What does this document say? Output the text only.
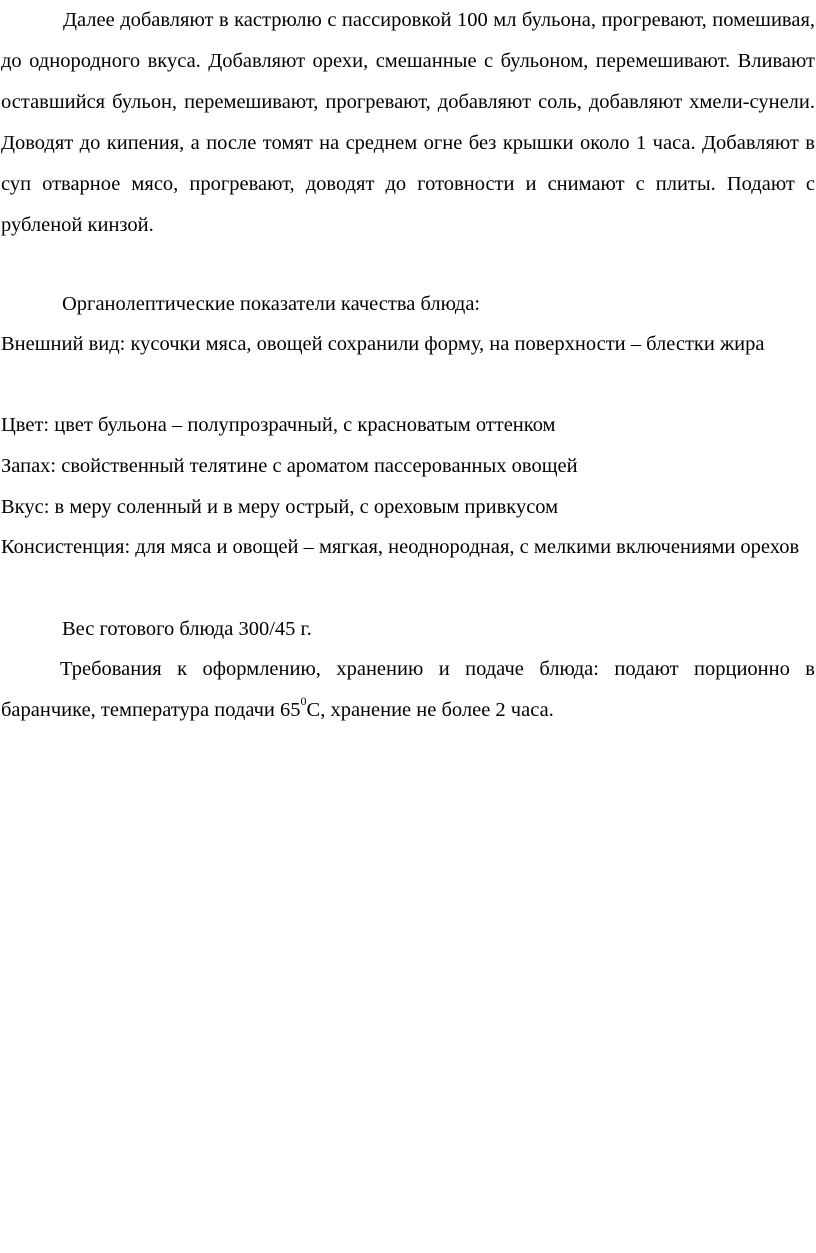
Далее добавляют в кастрюлю с пассировкой 100 мл бульона, прогревают, помешивая, до однородного вкуса. Добавляют орехи, смешанные с бульоном, перемешивают. Вливают оставшийся бульон, перемешивают, прогревают, добавляют соль, добавляют хмели-сунели. Доводят до кипения, а после томят на среднем огне без крышки около 1 часа. Добавляют в суп отварное мясо, прогревают, доводят до готовности и снимают с плиты. Подают с рубленой кинзой.

Органолептические показатели качества блюда:

Внешний вид: кусочки мяса, овощей сохранили форму, на поверхности – блестки жира

Цвет: цвет бульона – полупрозрачный, с красноватым оттенком

Запах: свойственный телятине с ароматом пассерованных овощей

Вкус: в меру соленный и в меру острый, с ореховым привкусом

Консистенция: для мяса и овощей – мягкая, неоднородная, с мелкими включениями орехов

Вес готового блюда 300/45 г.

Требования к оформлению, хранению и подаче блюда: подают порционно в баранчике, температура подачи $65^0С$, хранение не более 2 часа.
